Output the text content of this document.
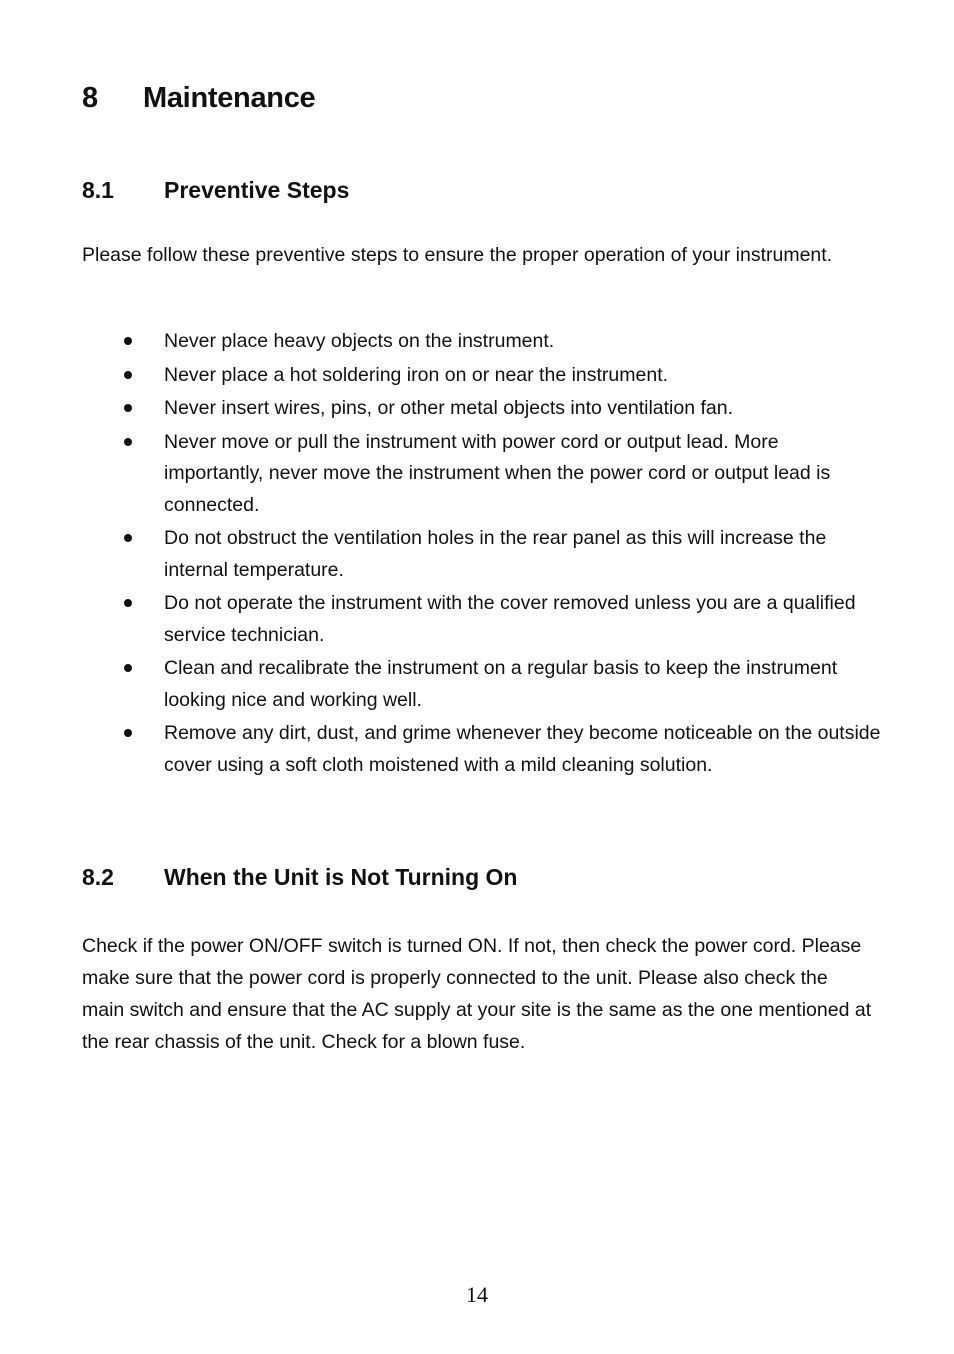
8 Maintenance
8.1 Preventive Steps
Please follow these preventive steps to ensure the proper operation of your instrument.
Never place heavy objects on the instrument.
Never place a hot soldering iron on or near the instrument.
Never insert wires, pins, or other metal objects into ventilation fan.
Never move or pull the instrument with power cord or output lead. More importantly, never move the instrument when the power cord or output lead is connected.
Do not obstruct the ventilation holes in the rear panel as this will increase the internal temperature.
Do not operate the instrument with the cover removed unless you are a qualified service technician.
Clean and recalibrate the instrument on a regular basis to keep the instrument looking nice and working well.
Remove any dirt, dust, and grime whenever they become noticeable on the outside cover using a soft cloth moistened with a mild cleaning solution.
8.2 When the Unit is Not Turning On
Check if the power ON/OFF switch is turned ON. If not, then check the power cord. Please make sure that the power cord is properly connected to the unit. Please also check the main switch and ensure that the AC supply at your site is the same as the one mentioned at the rear chassis of the unit. Check for a blown fuse.
14
